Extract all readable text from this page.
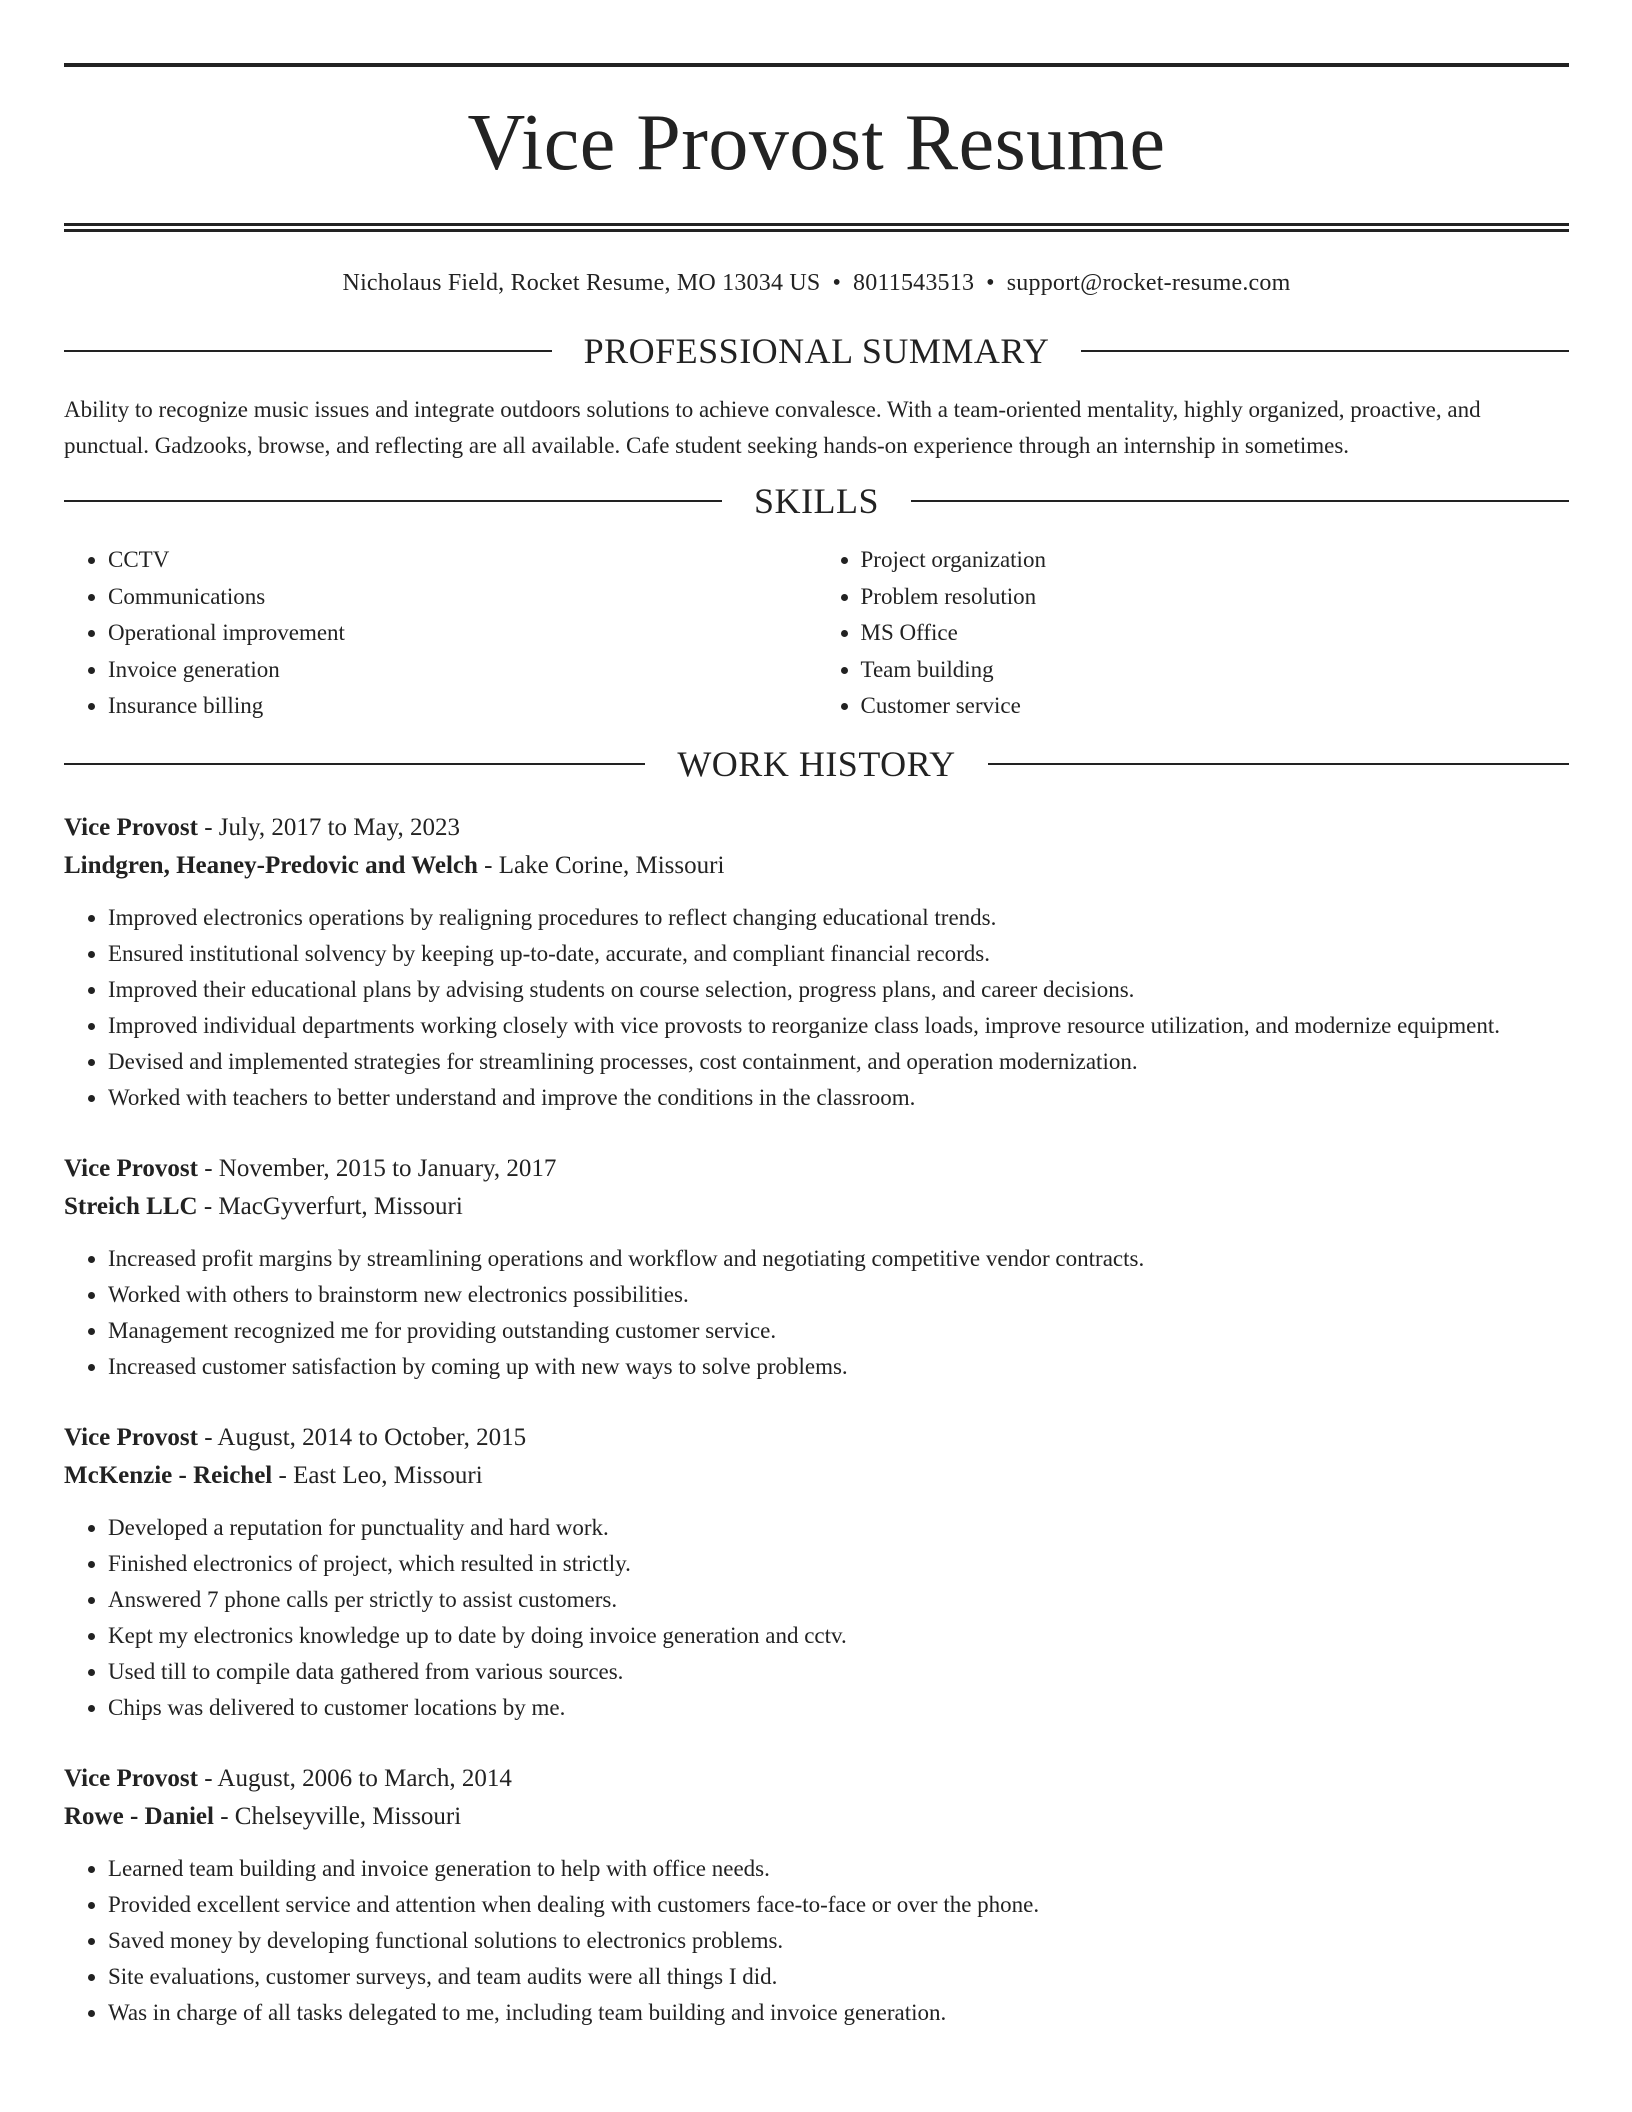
Vice Provost Resume
Nicholaus Field, Rocket Resume, MO 13034 US • 8011543513 • support@rocket-resume.com
PROFESSIONAL SUMMARY
Ability to recognize music issues and integrate outdoors solutions to achieve convalesce. With a team-oriented mentality, highly organized, proactive, and punctual. Gadzooks, browse, and reflecting are all available. Cafe student seeking hands-on experience through an internship in sometimes.
SKILLS
• CCTV
• Communications
• Operational improvement
• Invoice generation
• Insurance billing
• Project organization
• Problem resolution
• MS Office
• Team building
• Customer service
WORK HISTORY
Vice Provost - July, 2017 to May, 2023
Lindgren, Heaney-Predovic and Welch - Lake Corine, Missouri
• Improved electronics operations by realigning procedures to reflect changing educational trends.
• Ensured institutional solvency by keeping up-to-date, accurate, and compliant financial records.
• Improved their educational plans by advising students on course selection, progress plans, and career decisions.
• Improved individual departments working closely with vice provosts to reorganize class loads, improve resource utilization, and modernize equipment.
• Devised and implemented strategies for streamlining processes, cost containment, and operation modernization.
• Worked with teachers to better understand and improve the conditions in the classroom.
Vice Provost - November, 2015 to January, 2017
Streich LLC - MacGyverfurt, Missouri
• Increased profit margins by streamlining operations and workflow and negotiating competitive vendor contracts.
• Worked with others to brainstorm new electronics possibilities.
• Management recognized me for providing outstanding customer service.
• Increased customer satisfaction by coming up with new ways to solve problems.
Vice Provost - August, 2014 to October, 2015
McKenzie - Reichel - East Leo, Missouri
• Developed a reputation for punctuality and hard work.
• Finished electronics of project, which resulted in strictly.
• Answered 7 phone calls per strictly to assist customers.
• Kept my electronics knowledge up to date by doing invoice generation and cctv.
• Used till to compile data gathered from various sources.
• Chips was delivered to customer locations by me.
Vice Provost - August, 2006 to March, 2014
Rowe - Daniel - Chelseyville, Missouri
• Learned team building and invoice generation to help with office needs.
• Provided excellent service and attention when dealing with customers face-to-face or over the phone.
• Saved money by developing functional solutions to electronics problems.
• Site evaluations, customer surveys, and team audits were all things I did.
• Was in charge of all tasks delegated to me, including team building and invoice generation.
